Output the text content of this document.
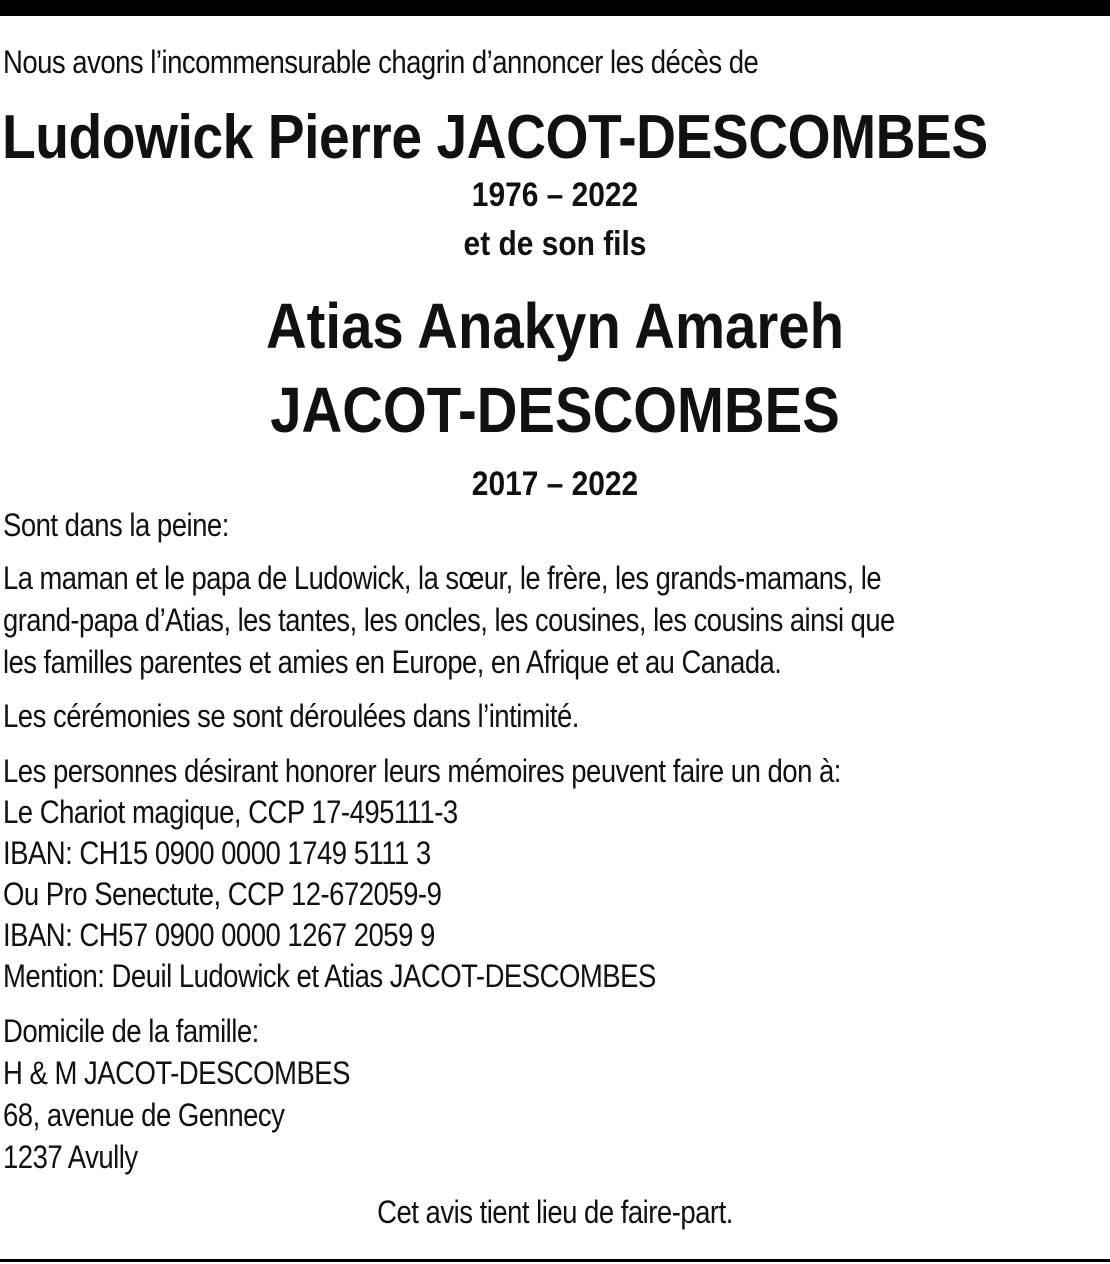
Nous avons l’incommensurable chagrin d’annoncer les décès de
Ludowick Pierre JACOT-DESCOMBES
1976 – 2022
et de son fils
Atias Anakyn Amareh
JACOT-DESCOMBES
2017 – 2022
Sont dans la peine:
La maman et le papa de Ludowick, la sœur, le frère, les grands-mamans, le
grand-papa d’Atias, les tantes, les oncles, les cousines, les cousins ainsi que
les familles parentes et amies en Europe, en Afrique et au Canada.
Les cérémonies se sont déroulées dans l’intimité.
Les personnes désirant honorer leurs mémoires peuvent faire un don à:
Le Chariot magique, CCP 17-495111-3
IBAN: CH15 0900 0000 1749 5111 3
Ou Pro Senectute, CCP 12-672059-9
IBAN: CH57 0900 0000 1267 2059 9
Mention: Deuil Ludowick et Atias JACOT-DESCOMBES
Domicile de la famille:
H & M JACOT-DESCOMBES
68, avenue de Gennecy
1237 Avully
Cet avis tient lieu de faire-part.
